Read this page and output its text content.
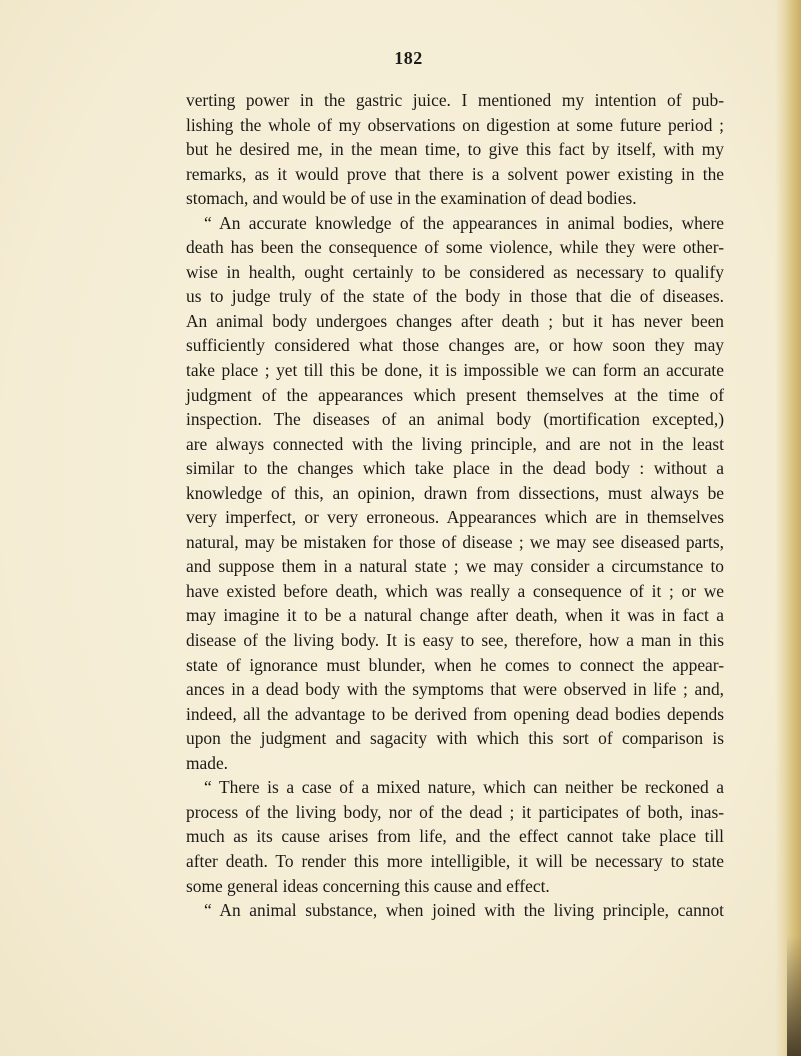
182
verting power in the gastric juice. I mentioned my intention of pub-
lishing the whole of my observations on digestion at some future period ;
but he desired me, in the mean time, to give this fact by itself, with my
remarks, as it would prove that there is a solvent power existing in the
stomach, and would be of use in the examination of dead bodies.
“ An accurate knowledge of the appearances in animal bodies, where
death has been the consequence of some violence, while they were other-
wise in health, ought certainly to be considered as necessary to qualify
us to judge truly of the state of the body in those that die of diseases.
An animal body undergoes changes after death ; but it has never been
sufficiently considered what those changes are, or how soon they may
take place ; yet till this be done, it is impossible we can form an accurate
judgment of the appearances which present themselves at the time of
inspection. The diseases of an animal body (mortification excepted,)
are always connected with the living principle, and are not in the least
similar to the changes which take place in the dead body : without a
knowledge of this, an opinion, drawn from dissections, must always be
very imperfect, or very erroneous. Appearances which are in themselves
natural, may be mistaken for those of disease ; we may see diseased parts,
and suppose them in a natural state ; we may consider a circumstance to
have existed before death, which was really a consequence of it ; or we
may imagine it to be a natural change after death, when it was in fact a
disease of the living body. It is easy to see, therefore, how a man in this
state of ignorance must blunder, when he comes to connect the appear-
ances in a dead body with the symptoms that were observed in life ; and,
indeed, all the advantage to be derived from opening dead bodies depends
upon the judgment and sagacity with which this sort of comparison is
made.
“ There is a case of a mixed nature, which can neither be reckoned a
process of the living body, nor of the dead ; it participates of both, inas-
much as its cause arises from life, and the effect cannot take place till
after death. To render this more intelligible, it will be necessary to state
some general ideas concerning this cause and effect.
“ An animal substance, when joined with the living principle, cannot
